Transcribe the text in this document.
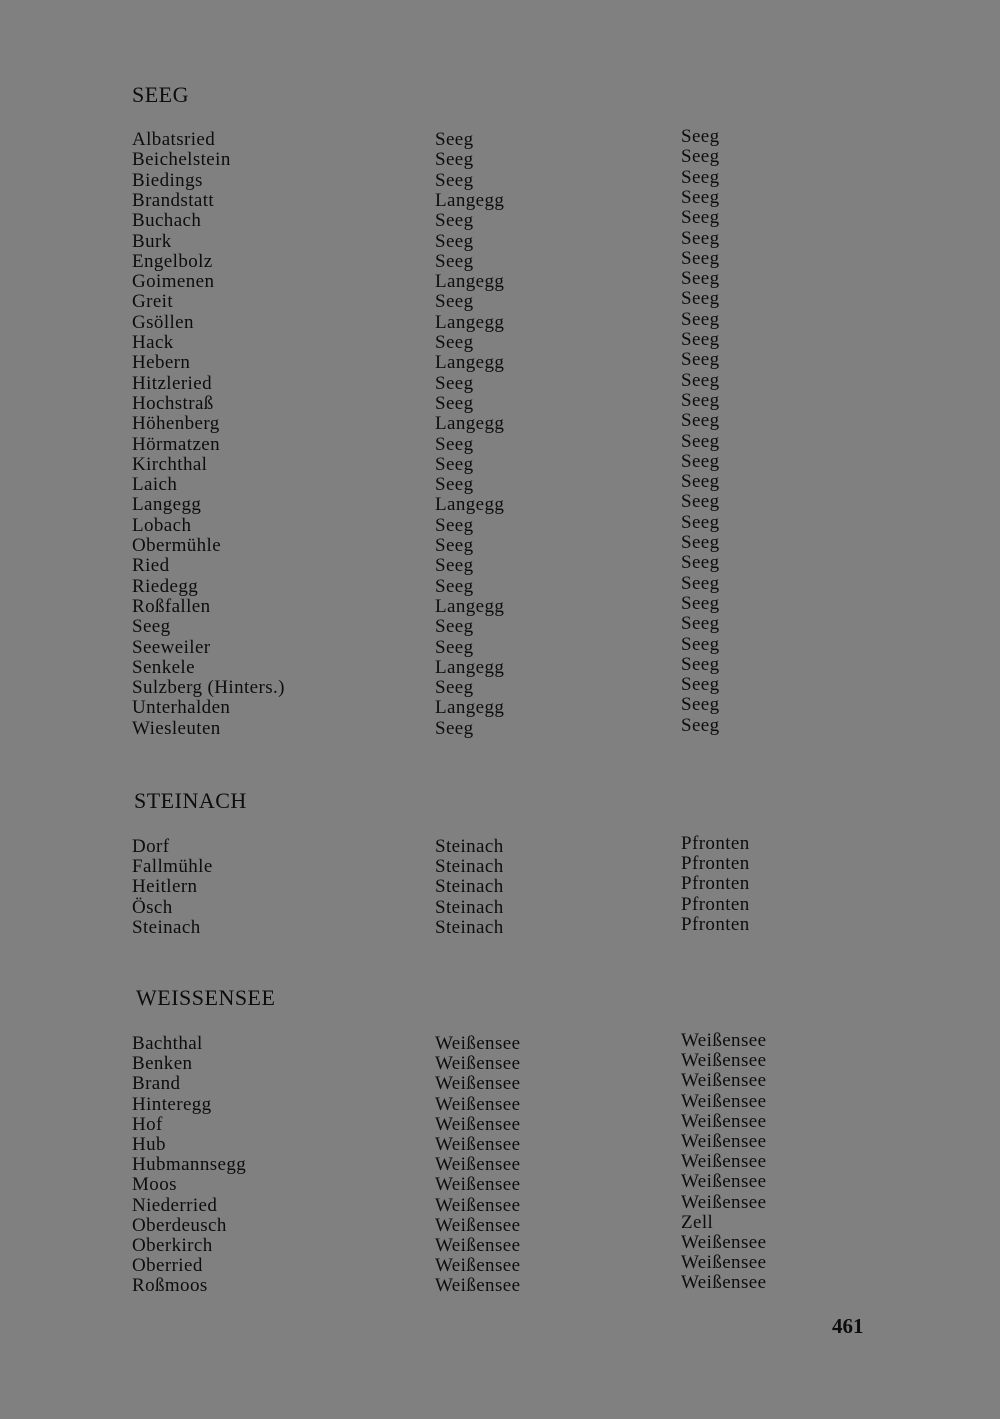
SEEG
Albatsried	Seeg	Seeg
Beichelstein	Seeg	Seeg
Biedings	Seeg	Seeg
Brandstatt	Langegg	Seeg
Buchach	Seeg	Seeg
Burk	Seeg	Seeg
Engelbolz	Seeg	Seeg
Goimenen	Langegg	Seeg
Greit	Seeg	Seeg
Gsöllen	Langegg	Seeg
Hack	Seeg	Seeg
Hebern	Langegg	Seeg
Hitzleried	Seeg	Seeg
Hochstraß	Seeg	Seeg
Höhenberg	Langegg	Seeg
Hörmatzen	Seeg	Seeg
Kirchthal	Seeg	Seeg
Laich	Seeg	Seeg
Langegg	Langegg	Seeg
Lobach	Seeg	Seeg
Obermühle	Seeg	Seeg
Ried	Seeg	Seeg
Riedegg	Seeg	Seeg
Roßfallen	Langegg	Seeg
Seeg	Seeg	Seeg
Seeweiler	Seeg	Seeg
Senkele	Langegg	Seeg
Sulzberg (Hinters.)	Seeg	Seeg
Unterhalden	Langegg	Seeg
Wiesleuten	Seeg	Seeg
STEINACH
Dorf	Steinach	Pfronten
Fallmühle	Steinach	Pfronten
Heitlern	Steinach	Pfronten
Ösch	Steinach	Pfronten
Steinach	Steinach	Pfronten
WEISSENSEE
Bachthal	Weißensee	Weißensee
Benken	Weißensee	Weißensee
Brand	Weißensee	Weißensee
Hinteregg	Weißensee	Weißensee
Hof	Weißensee	Weißensee
Hub	Weißensee	Weißensee
Hubmannsegg	Weißensee	Weißensee
Moos	Weißensee	Weißensee
Niederried	Weißensee	Weißensee
Oberdeusch	Weißensee	Zell
Oberkirch	Weißensee	Weißensee
Oberried	Weißensee	Weißensee
Roßmoos	Weißensee	Weißensee
461
